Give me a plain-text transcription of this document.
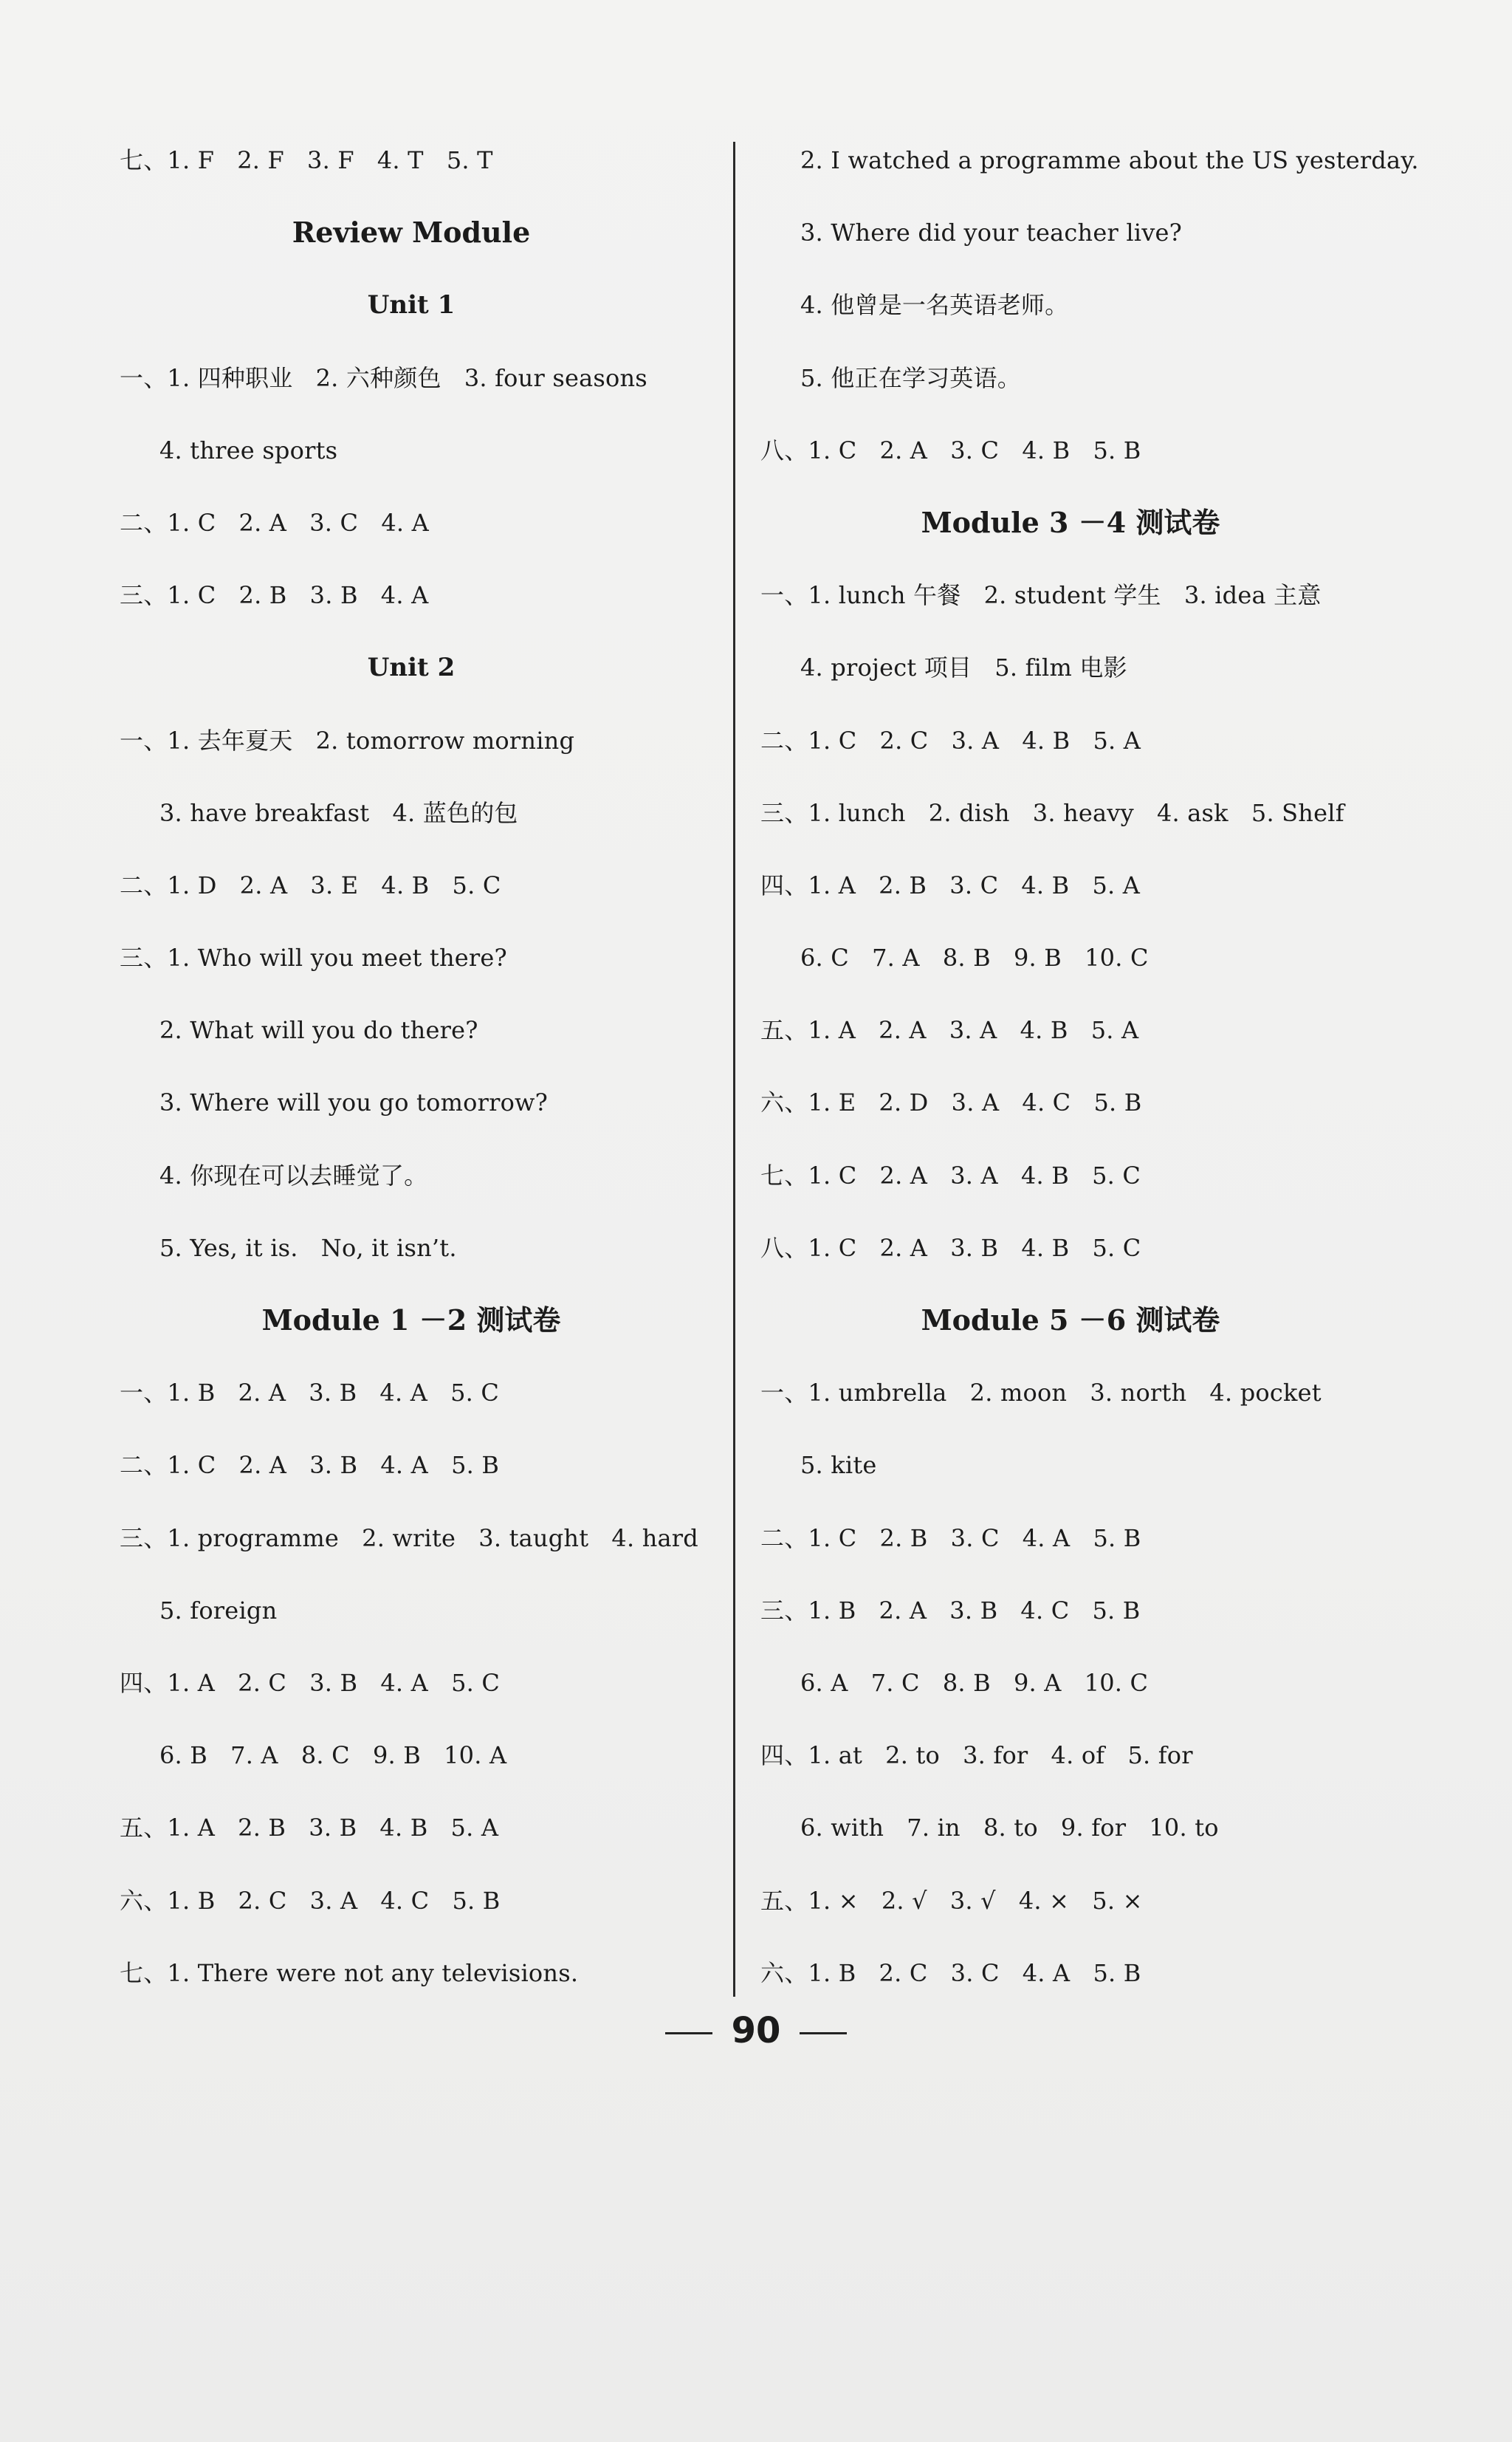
七、1. F   2. F   3. F   4. T   5. T
Review Module
Unit 1
一、1. 四种职业   2. 六种颜色   3. four seasons
4. three sports
二、1. C   2. A   3. C   4. A
三、1. C   2. B   3. B   4. A
Unit 2
一、1. 去年夏天   2. tomorrow morning
3. have breakfast   4. 蓝色的包
二、1. D   2. A   3. E   4. B   5. C
三、1. Who will you meet there?
2. What will you do there?
3. Where will you go tomorrow?
4. 你现在可以去睡觉了。
5. Yes, it is.   No, it isn’t.
Module 1 －2 测试卷
一、1. B   2. A   3. B   4. A   5. C
二、1. C   2. A   3. B   4. A   5. B
三、1. programme   2. write   3. taught   4. hard
5. foreign
四、1. A   2. C   3. B   4. A   5. C
6. B   7. A   8. C   9. B   10. A
五、1. A   2. B   3. B   4. B   5. A
六、1. B   2. C   3. A   4. C   5. B
七、1. There were not any televisions.
2. I watched a programme about the US yesterday.
3. Where did your teacher live?
4. 他曾是一名英语老师。
5. 他正在学习英语。
八、1. C   2. A   3. C   4. B   5. B
Module 3 －4 测试卷
一、1. lunch 午餐   2. student 学生   3. idea 主意
4. project 项目   5. film 电影
二、1. C   2. C   3. A   4. B   5. A
三、1. lunch   2. dish   3. heavy   4. ask   5. Shelf
四、1. A   2. B   3. C   4. B   5. A
6. C   7. A   8. B   9. B   10. C
五、1. A   2. A   3. A   4. B   5. A
六、1. E   2. D   3. A   4. C   5. B
七、1. C   2. A   3. A   4. B   5. C
八、1. C   2. A   3. B   4. B   5. C
Module 5 －6 测试卷
一、1. umbrella   2. moon   3. north   4. pocket
5. kite
二、1. C   2. B   3. C   4. A   5. B
三、1. B   2. A   3. B   4. C   5. B
6. A   7. C   8. B   9. A   10. C
四、1. at   2. to   3. for   4. of   5. for
6. with   7. in   8. to   9. for   10. to
五、1. ×   2. √   3. √   4. ×   5. ×
六、1. B   2. C   3. C   4. A   5. B
90
